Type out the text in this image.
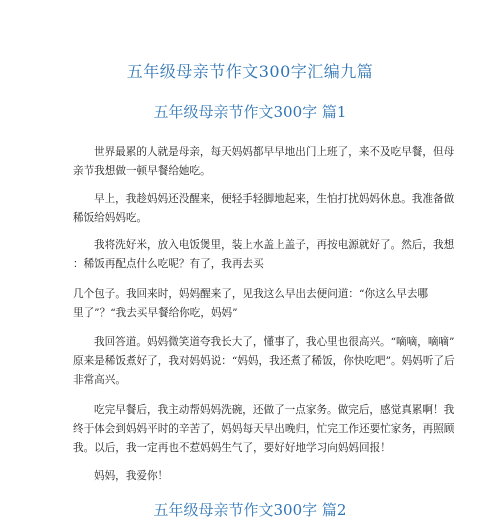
五年级母亲节作文300字汇编九篇
五年级母亲节作文300字 篇1
世界最累的人就是母亲，每天妈妈都早早地出门上班了，来不及吃早餐，但母
亲节我想做一顿早餐给她吃。
早上，我趁妈妈还没醒来，便轻手轻脚地起来，生怕打扰妈妈休息。我准备做
稀饭给妈妈吃。
我将洗好米，放入电饭煲里，装上水盖上盖子，再按电源就好了。然后，我想
：稀饭再配点什么吃呢？有了，我再去买
几个包子。我回来时，妈妈醒来了，见我这么早出去便问道：“你这么早去哪
里了”？“我去买早餐给你吃，妈妈”
我回答道。妈妈微笑道夸我长大了，懂事了，我心里也很高兴。“嘀嘀，嘀嘀”
原来是稀饭煮好了，我对妈妈说：“妈妈，我还煮了稀饭，你快吃吧”。妈妈听了后
非常高兴。
吃完早餐后，我主动帮妈妈洗碗，还做了一点家务。做完后，感觉真累啊！我
终于体会到妈妈平时的辛苦了，妈妈每天早出晚归，忙完工作还要忙家务，再照顾
我。以后，我一定再也不惹妈妈生气了，要好好地学习向妈妈回报！
妈妈，我爱你！
五年级母亲节作文300字 篇2
